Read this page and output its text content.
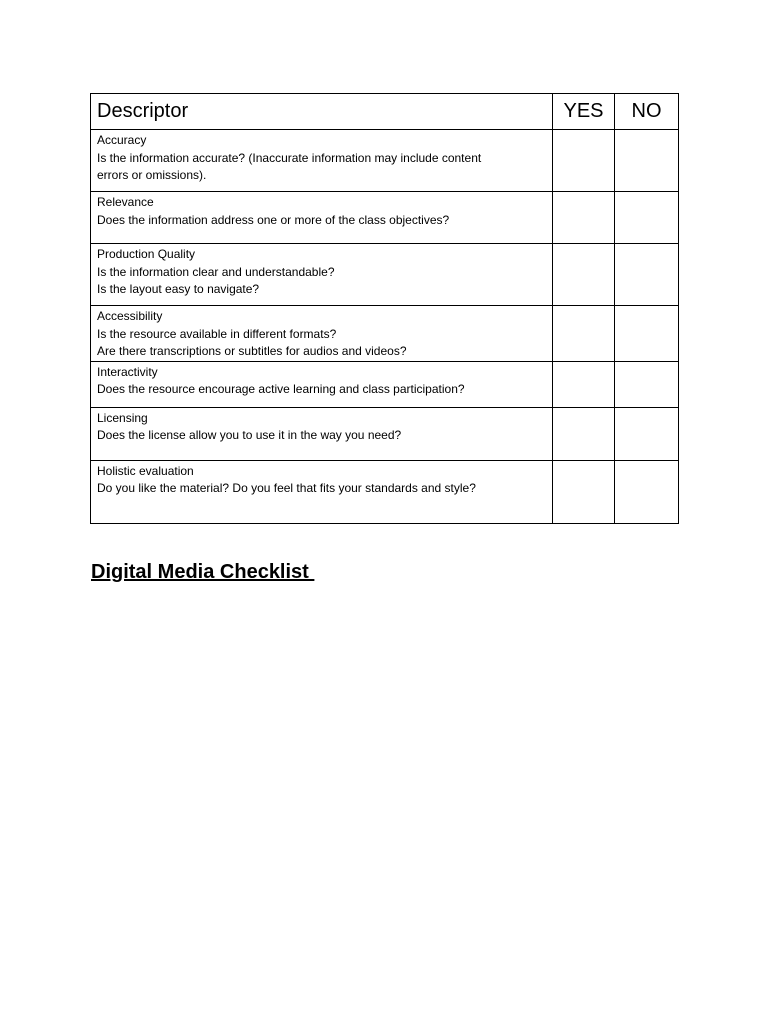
Descriptor	YES	NO

Accuracy
Is the information accurate? (Inaccurate information may include content
errors or omissions).		

Relevance
Does the information address one or more of the class objectives?		

Production Quality
Is the information clear and understandable?
Is the layout easy to navigate?		

Accessibility
Is the resource available in different formats?
Are there transcriptions or subtitles for audios and videos?		

Interactivity
Does the resource encourage active learning and class participation?		

Licensing
Does the license allow you to use it in the way you need?		

Holistic evaluation
Do you like the material? Do you feel that fits your standards and style?		

Digital Media Checklist
